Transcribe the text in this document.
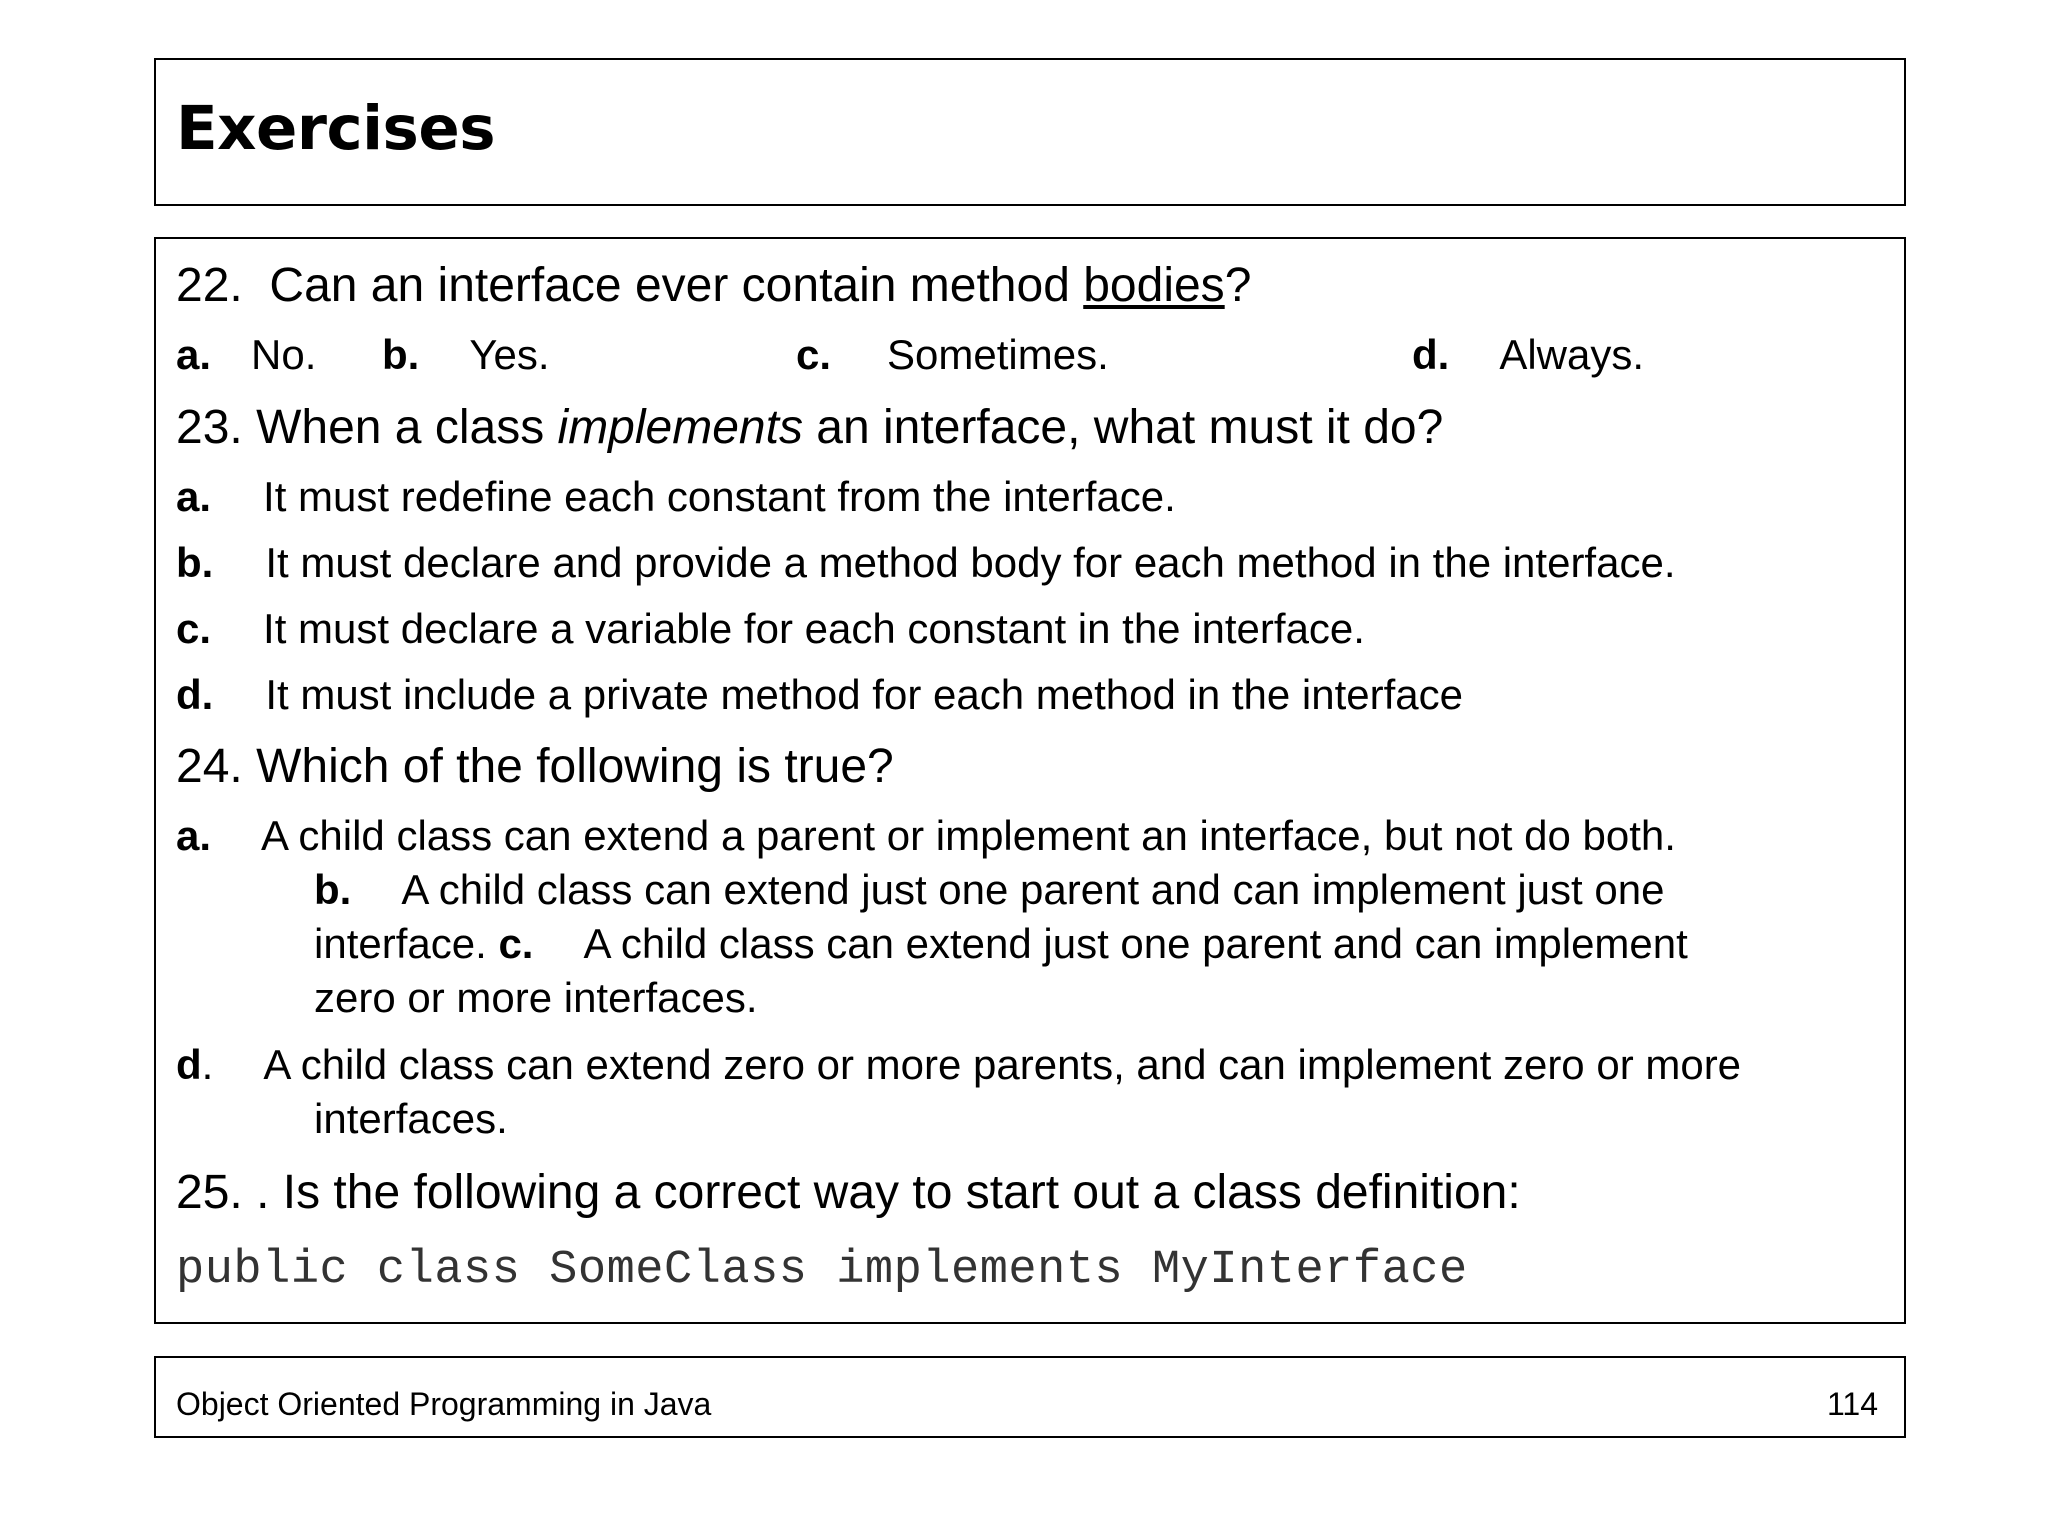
Exercises
22. Can an interface ever contain method bodies?
a. No. b. Yes.	c. Sometimes.	d. Always.
23. When a class implements an interface, what must it do?
a. It must redefine each constant from the interface.
b. It must declare and provide a method body for each method in the interface.
c. It must declare a variable for each constant in the interface.
d. It must include a private method for each method in the interface
24. Which of the following is true?
a. A child class can extend a parent or implement an interface, but not do both.
b. A child class can extend just one parent and can implement just one
interface. c. A child class can extend just one parent and can implement
zero or more interfaces.
d. A child class can extend zero or more parents, and can implement zero or more
interfaces.
25. . Is the following a correct way to start out a class definition:
public class SomeClass implements MyInterface
Object Oriented Programming in Java	114
